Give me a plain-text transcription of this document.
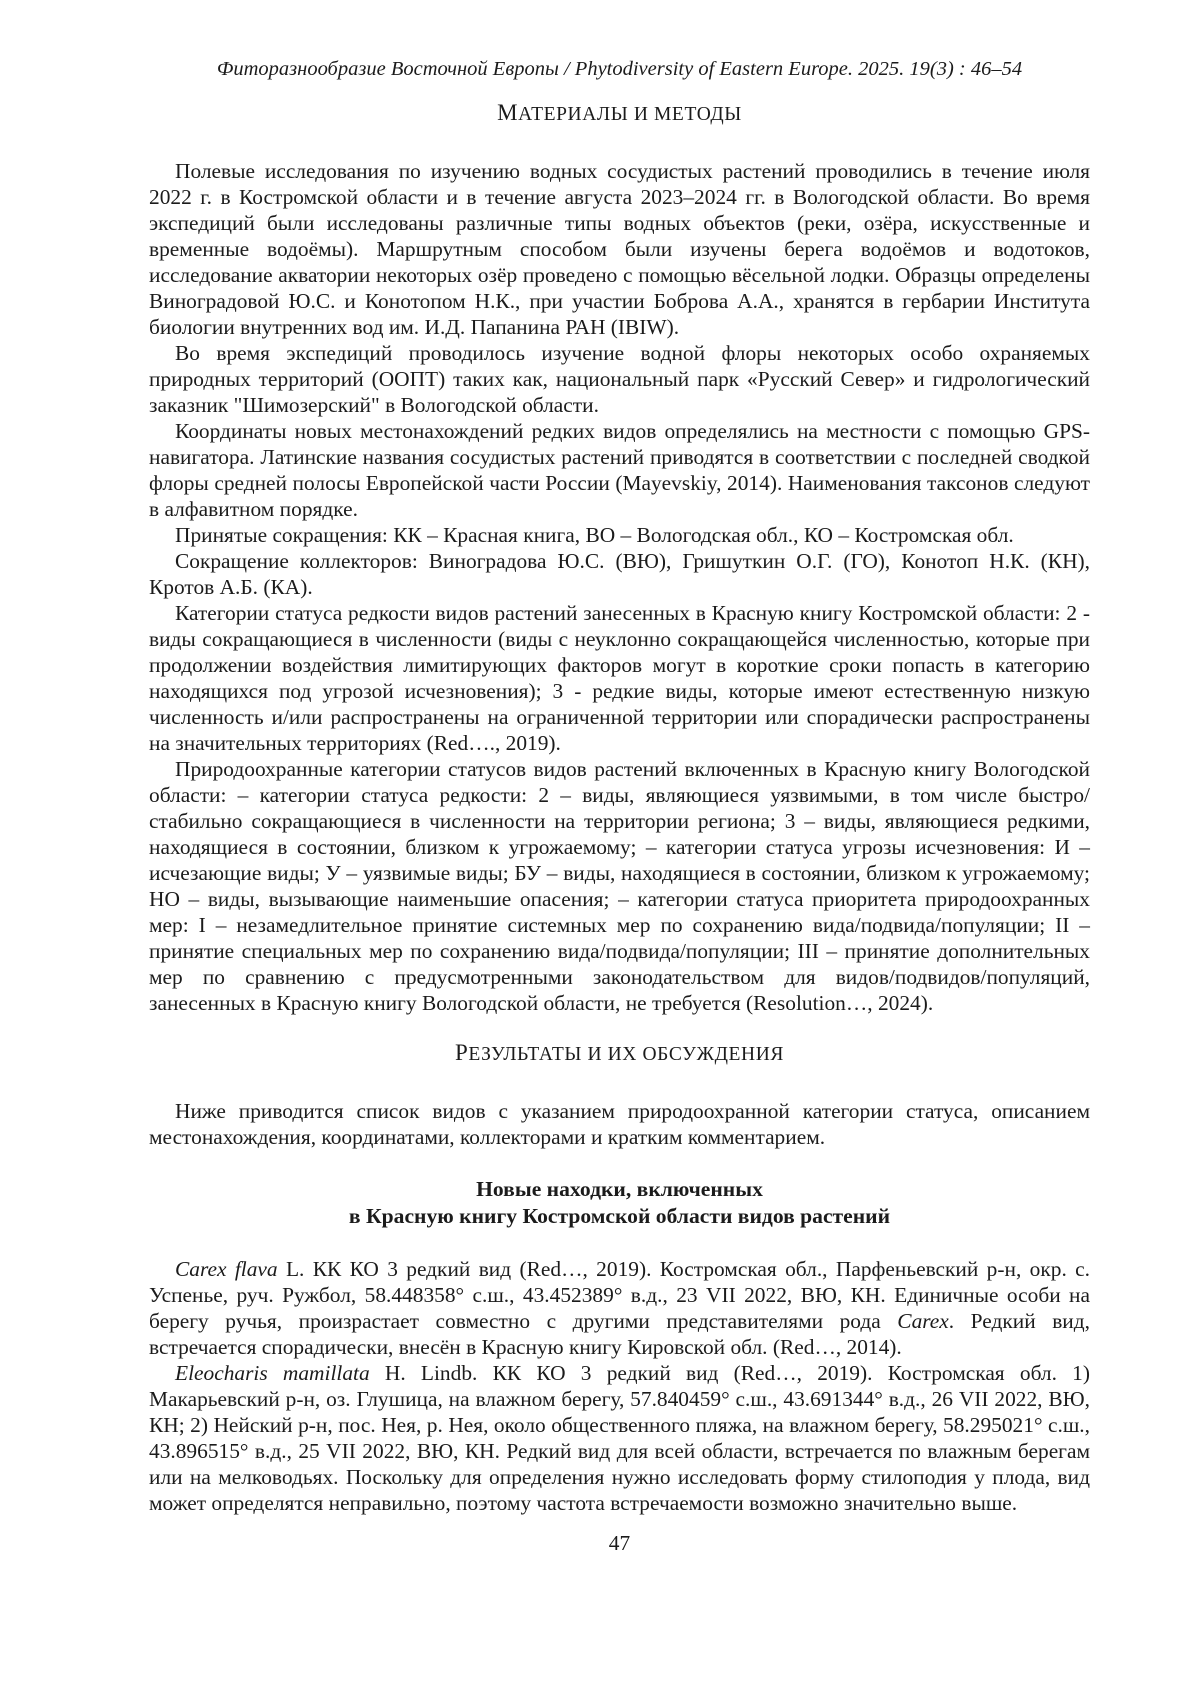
Фиторазнообразие Восточной Европы / Phytodiversity of Eastern Europe. 2025. 19(3) : 46–54
МАТЕРИАЛЫ И МЕТОДЫ

Полевые исследования по изучению водных сосудистых растений проводились в течение июля 2022 г. в Костромской области и в течение августа 2023–2024 гг. в Вологодской области. Во время экспедиций были исследованы различные типы водных объектов (реки, озёра, искусственные и временные водоёмы). Маршрутным способом были изучены берега водоёмов и водотоков, исследование акватории некоторых озёр проведено с помощью вёсельной лодки. Образцы определены Виноградовой Ю.С. и Конотопом Н.К., при участии Боброва А.А., хранятся в гербарии Института биологии внутренних вод им. И.Д. Папанина РАН (IBIW).

Во время экспедиций проводилось изучение водной флоры некоторых особо охраняемых природных территорий (ООПТ) таких как, национальный парк «Русский Север» и гидрологический заказник "Шимозерский" в Вологодской области.

Координаты новых местонахождений редких видов определялись на местности с помощью GPS-навигатора. Латинские названия сосудистых растений приводятся в соответствии с последней сводкой флоры средней полосы Европейской части России (Mayevskiy, 2014). Наименования таксонов следуют в алфавитном порядке.

Принятые сокращения: КК – Красная книга, ВО – Вологодская обл., КО – Костромская обл.

Сокращение коллекторов: Виноградова Ю.С. (ВЮ), Гришуткин О.Г. (ГО), Конотоп Н.К. (КН), Кротов А.Б. (КА).

Категории статуса редкости видов растений занесенных в Красную книгу Костромской области: 2 - виды сокращающиеся в численности (виды с неуклонно сокращающейся численностью, которые при продолжении воздействия лимитирующих факторов могут в короткие сроки попасть в категорию находящихся под угрозой исчезновения); 3 - редкие виды, которые имеют естественную низкую численность и/или распространены на ограниченной территории или спорадически распространены на значительных территориях (Red…., 2019).

Природоохранные категории статусов видов растений включенных в Красную книгу Вологодской области: – категории статуса редкости: 2 – виды, являющиеся уязвимыми, в том числе быстро/стабильно сокращающиеся в численности на территории региона; 3 – виды, являющиеся редкими, находящиеся в состоянии, близком к угрожаемому; – категории статуса угрозы исчезновения: И – исчезающие виды; У – уязвимые виды; БУ – виды, находящиеся в состоянии, близком к угрожаемому; НО – виды, вызывающие наименьшие опасения; – категории статуса приоритета природоохранных мер: I – незамедлительное принятие системных мер по сохранению вида/подвида/популяции; II – принятие специальных мер по сохранению вида/подвида/популяции; III – принятие дополнительных мер по сравнению с предусмотренными законодательством для видов/подвидов/популяций, занесенных в Красную книгу Вологодской области, не требуется (Resolution…, 2024).

РЕЗУЛЬТАТЫ И ИХ ОБСУЖДЕНИЯ

Ниже приводится список видов с указанием природоохранной категории статуса, описанием местонахождения, координатами, коллекторами и кратким комментарием.

Новые находки, включенных
в Красную книгу Костромской области видов растений

Carex flava L. КК КО 3 редкий вид (Red…, 2019). Костромская обл., Парфеньевский р-н, окр. с. Успенье, руч. Ружбол, 58.448358° с.ш., 43.452389° в.д., 23 VII 2022, ВЮ, КН. Единичные особи на берегу ручья, произрастает совместно с другими представителями рода Carex. Редкий вид, встречается спорадически, внесён в Красную книгу Кировской обл. (Red…, 2014).

Eleocharis mamillata H. Lindb. КК КО 3 редкий вид (Red…, 2019). Костромская обл. 1) Макарьевский р-н, оз. Глушица, на влажном берегу, 57.840459° с.ш., 43.691344° в.д., 26 VII 2022, ВЮ, КН; 2) Нейский р-н, пос. Нея, р. Нея, около общественного пляжа, на влажном берегу, 58.295021° с.ш., 43.896515° в.д., 25 VII 2022, ВЮ, КН. Редкий вид для всей области, встречается по влажным берегам или на мелководьях. Поскольку для определения нужно исследовать форму стилоподия у плода, вид может определятся неправильно, поэтому частота встречаемости возможно значительно выше.

47
